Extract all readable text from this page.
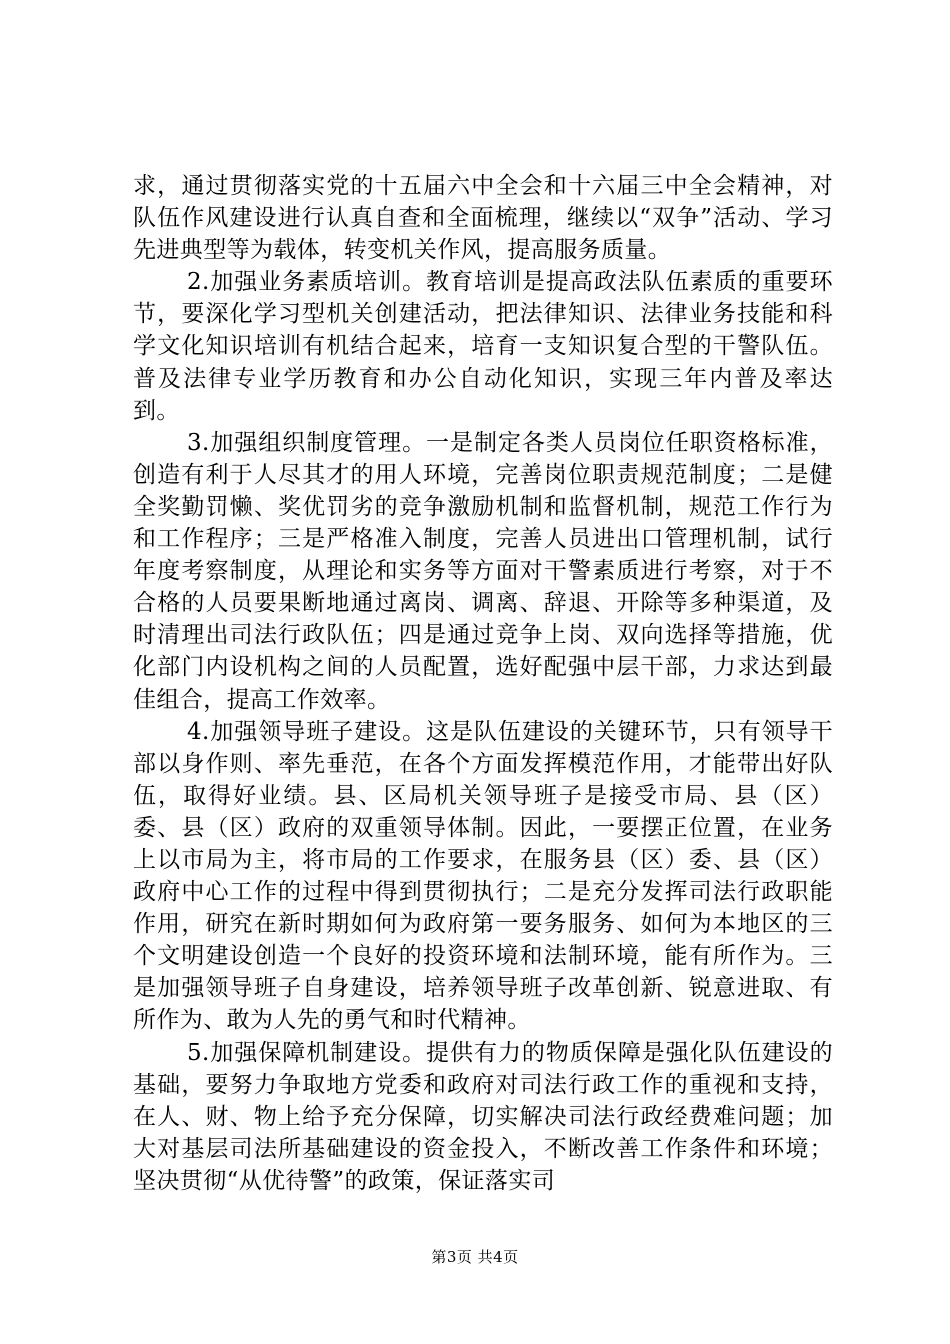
求，通过贯彻落实党的十五届六中全会和十六届三中全会精神，对队伍作风建设进行认真自查和全面梳理，继续以“双争”活动、学习先进典型等为载体，转变机关作风，提高服务质量。

2.加强业务素质培训。教育培训是提高政法队伍素质的重要环节，要深化学习型机关创建活动，把法律知识、法律业务技能和科学文化知识培训有机结合起来，培育一支知识复合型的干警队伍。普及法律专业学历教育和办公自动化知识，实现三年内普及率达到。

3.加强组织制度管理。一是制定各类人员岗位任职资格标准，创造有利于人尽其才的用人环境，完善岗位职责规范制度；二是健全奖勤罚懒、奖优罚劣的竞争激励机制和监督机制，规范工作行为和工作程序；三是严格准入制度，完善人员进出口管理机制，试行年度考察制度，从理论和实务等方面对干警素质进行考察，对于不合格的人员要果断地通过离岗、调离、辞退、开除等多种渠道，及时清理出司法行政队伍；四是通过竞争上岗、双向选择等措施，优化部门内设机构之间的人员配置，选好配强中层干部，力求达到最佳组合，提高工作效率。

4.加强领导班子建设。这是队伍建设的关键环节，只有领导干部以身作则、率先垂范，在各个方面发挥模范作用，才能带出好队伍，取得好业绩。县、区局机关领导班子是接受市局、县（区）委、县（区）政府的双重领导体制。因此，一要摆正位置，在业务上以市局为主，将市局的工作要求，在服务县（区）委、县（区）政府中心工作的过程中得到贯彻执行；二是充分发挥司法行政职能作用，研究在新时期如何为政府第一要务服务、如何为本地区的三个文明建设创造一个良好的投资环境和法制环境，能有所作为。三是加强领导班子自身建设，培养领导班子改革创新、锐意进取、有所作为、敢为人先的勇气和时代精神。

5.加强保障机制建设。提供有力的物质保障是强化队伍建设的基础，要努力争取地方党委和政府对司法行政工作的重视和支持，在人、财、物上给予充分保障，切实解决司法行政经费难问题；加大对基层司法所基础建设的资金投入，不断改善工作条件和环境；坚决贯彻“从优待警”的政策，保证落实司

第3页 共4页
